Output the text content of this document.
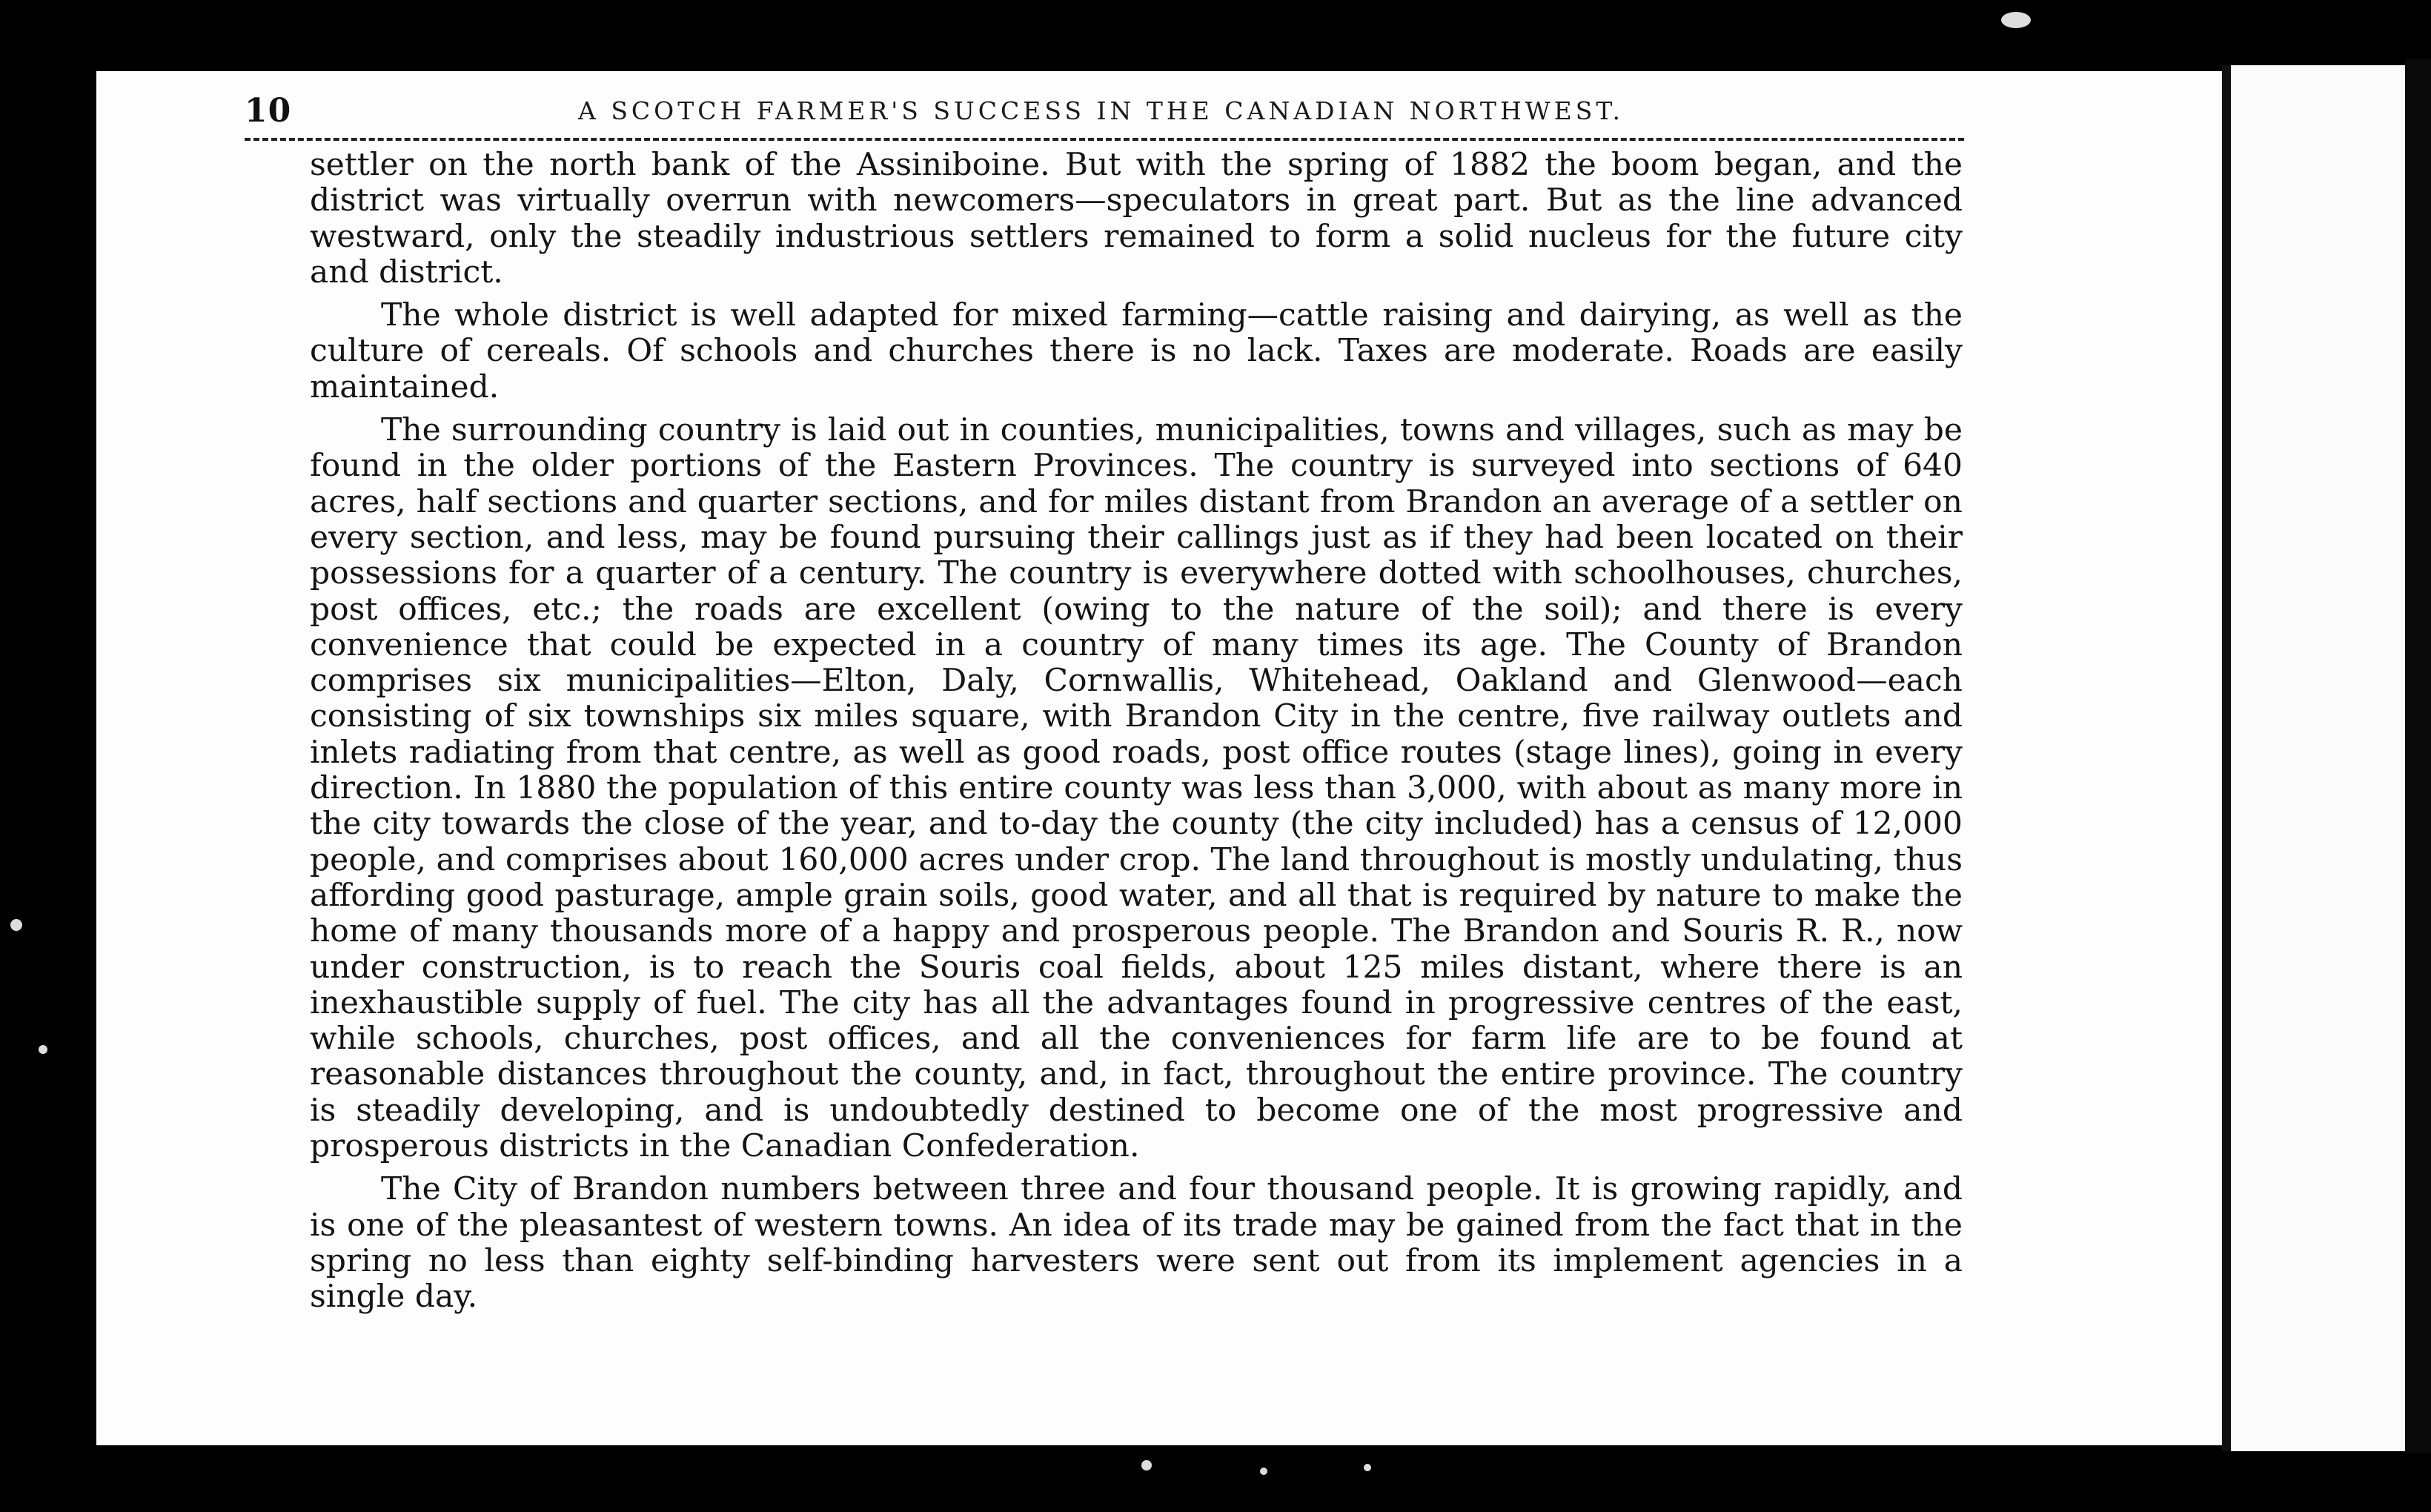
10	A SCOTCH FARMER'S SUCCESS IN THE CANADIAN NORTHWEST.

settler on the north bank of the Assiniboine. But with the spring of 1882 the boom began, and the district was virtually overrun with newcomers—speculators in great part. But as the line advanced westward, only the steadily industrious settlers remained to form a solid nucleus for the future city and district.

The whole district is well adapted for mixed farming—cattle raising and dairying, as well as the culture of cereals. Of schools and churches there is no lack. Taxes are moderate. Roads are easily maintained.

The surrounding country is laid out in counties, municipalities, towns and villages, such as may be found in the older portions of the Eastern Provinces. The country is surveyed into sections of 640 acres, half sections and quarter sections, and for miles distant from Brandon an average of a settler on every section, and less, may be found pursuing their callings just as if they had been located on their possessions for a quarter of a century. The country is everywhere dotted with schoolhouses, churches, post offices, etc.; the roads are excellent (owing to the nature of the soil); and there is every convenience that could be expected in a country of many times its age. The County of Brandon comprises six municipalities—Elton, Daly, Cornwallis, Whitehead, Oakland and Glenwood—each consisting of six townships six miles square, with Brandon City in the centre, five railway outlets and inlets radiating from that centre, as well as good roads, post office routes (stage lines), going in every direction. In 1880 the population of this entire county was less than 3,000, with about as many more in the city towards the close of the year, and to-day the county (the city included) has a census of 12,000 people, and comprises about 160,000 acres under crop. The land throughout is mostly undulating, thus affording good pasturage, ample grain soils, good water, and all that is required by nature to make the home of many thousands more of a happy and prosperous people. The Brandon and Souris R. R., now under construction, is to reach the Souris coal fields, about 125 miles distant, where there is an inexhaustible supply of fuel. The city has all the advantages found in progressive centres of the east, while schools, churches, post offices, and all the conveniences for farm life are to be found at reasonable distances throughout the county, and, in fact, throughout the entire province. The country is steadily developing, and is undoubtedly destined to become one of the most progressive and prosperous districts in the Canadian Confederation.

The City of Brandon numbers between three and four thousand people. It is growing rapidly, and is one of the pleasantest of western towns. An idea of its trade may be gained from the fact that in the spring no less than eighty self-binding harvesters were sent out from its implement agencies in a single day.
